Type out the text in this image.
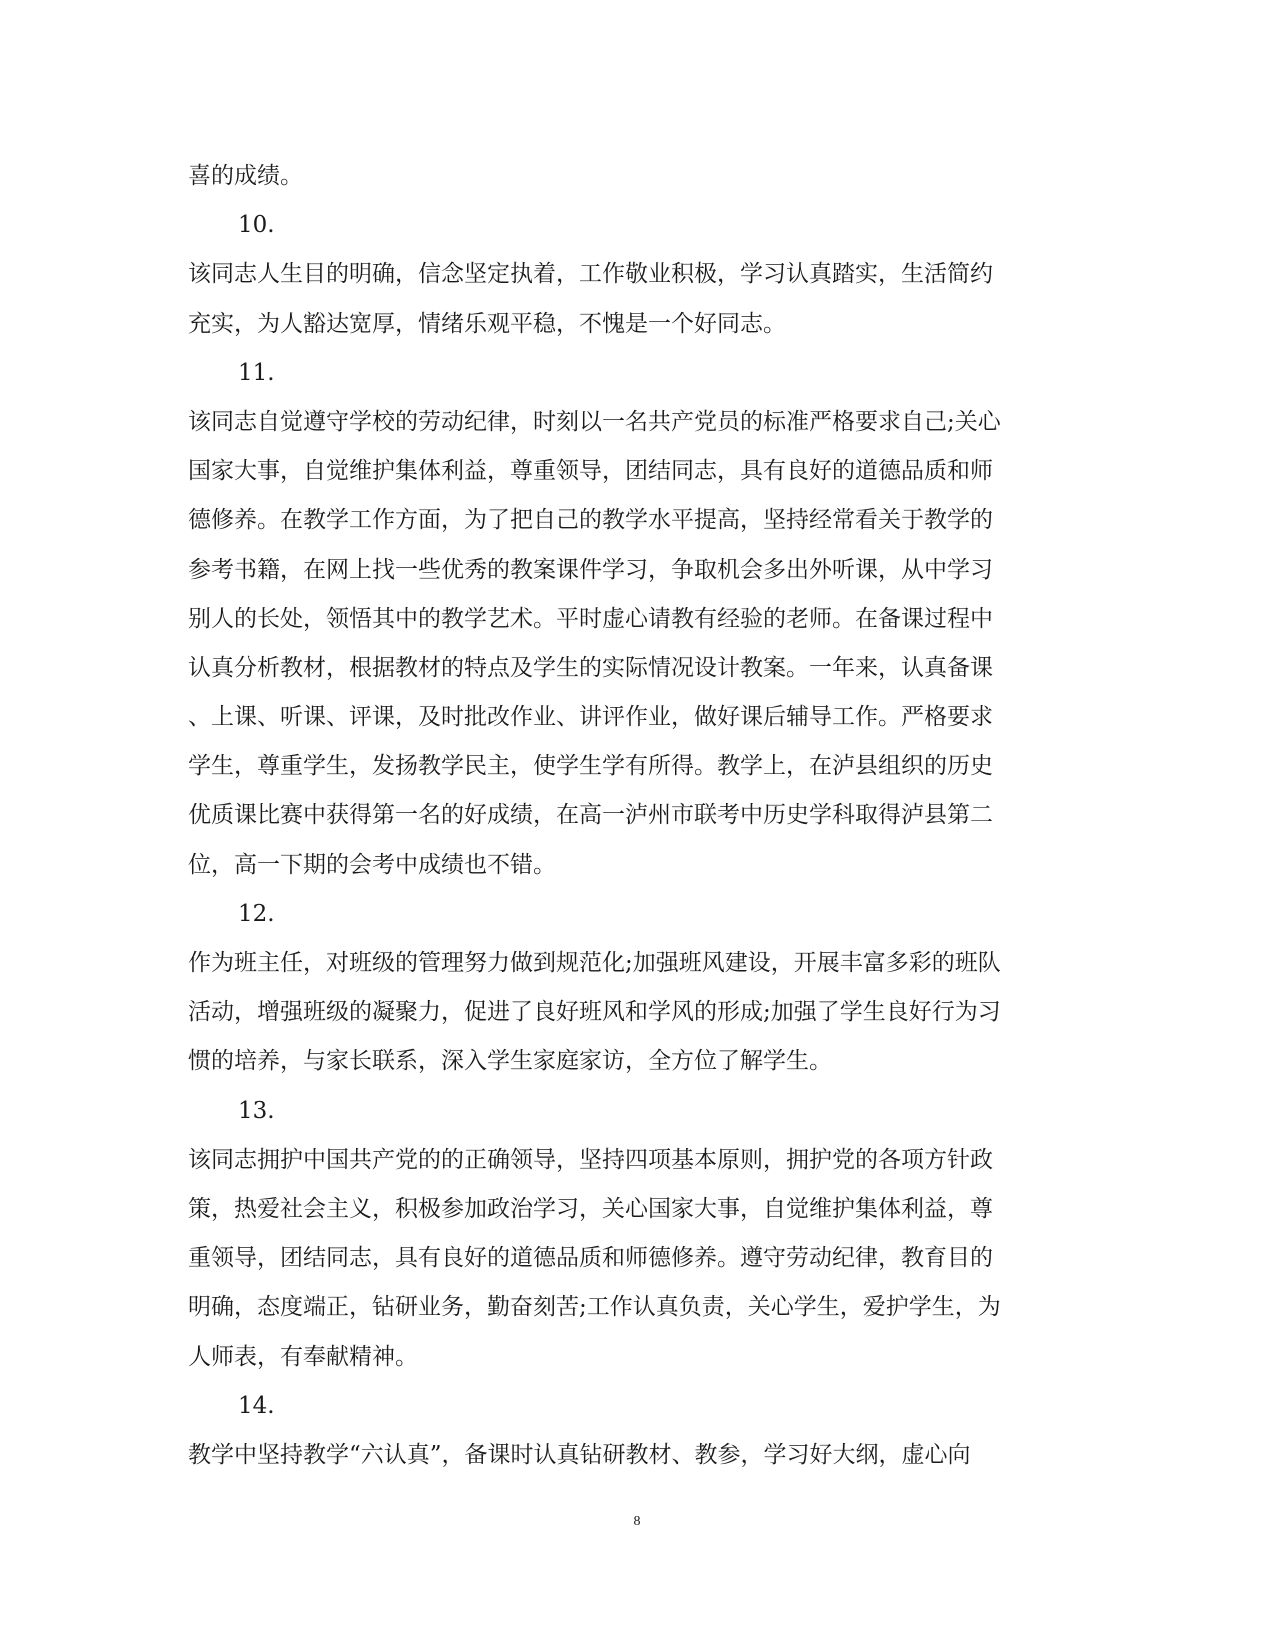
喜的成绩。
10.
该同志人生目的明确，信念坚定执着，工作敬业积极，学习认真踏实，生活简约
充实，为人豁达宽厚，情绪乐观平稳，不愧是一个好同志。
11.
该同志自觉遵守学校的劳动纪律，时刻以一名共产党员的标准严格要求自己;关心
国家大事，自觉维护集体利益，尊重领导，团结同志，具有良好的道德品质和师
德修养。在教学工作方面，为了把自己的教学水平提高，坚持经常看关于教学的
参考书籍，在网上找一些优秀的教案课件学习，争取机会多出外听课，从中学习
别人的长处，领悟其中的教学艺术。平时虚心请教有经验的老师。在备课过程中
认真分析教材，根据教材的特点及学生的实际情况设计教案。一年来，认真备课
、上课、听课、评课，及时批改作业、讲评作业，做好课后辅导工作。严格要求
学生，尊重学生，发扬教学民主，使学生学有所得。教学上，在泸县组织的历史
优质课比赛中获得第一名的好成绩，在高一泸州市联考中历史学科取得泸县第二
位，高一下期的会考中成绩也不错。
12.
作为班主任，对班级的管理努力做到规范化;加强班风建设，开展丰富多彩的班队
活动，增强班级的凝聚力，促进了良好班风和学风的形成;加强了学生良好行为习
惯的培养，与家长联系，深入学生家庭家访，全方位了解学生。
13.
该同志拥护中国共产党的的正确领导，坚持四项基本原则，拥护党的各项方针政
策，热爱社会主义，积极参加政治学习，关心国家大事，自觉维护集体利益，尊
重领导，团结同志，具有良好的道德品质和师德修养。遵守劳动纪律，教育目的
明确，态度端正，钻研业务，勤奋刻苦;工作认真负责，关心学生，爱护学生，为
人师表，有奉献精神。
14.
教学中坚持教学“六认真”，备课时认真钻研教材、教参，学习好大纲，虚心向
8
